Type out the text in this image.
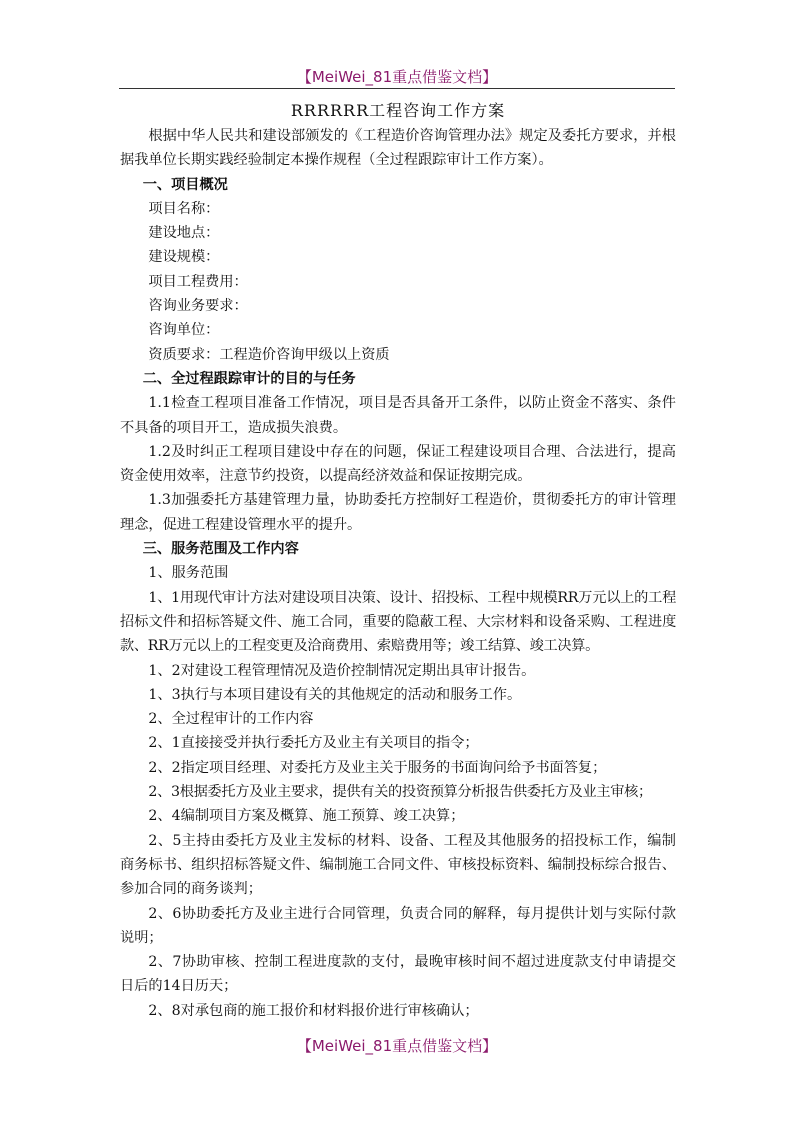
【MeiWei_81重点借鉴文档】
RRRRRR工程咨询工作方案

根据中华人民共和建设部颁发的《工程造价咨询管理办法》规定及委托方要求，并根据我单位长期实践经验制定本操作规程（全过程跟踪审计工作方案）。

一、项目概况

项目名称：

建设地点：

建设规模：

项目工程费用：

咨询业务要求：

咨询单位：

资质要求：工程造价咨询甲级以上资质

二、全过程跟踪审计的目的与任务

1.1检查工程项目准备工作情况，项目是否具备开工条件，以防止资金不落实、条件不具备的项目开工，造成损失浪费。

1.2及时纠正工程项目建设中存在的问题，保证工程建设项目合理、合法进行，提高资金使用效率，注意节约投资，以提高经济效益和保证按期完成。

1.3加强委托方基建管理力量，协助委托方控制好工程造价，贯彻委托方的审计管理理念，促进工程建设管理水平的提升。

三、服务范围及工作内容

1、服务范围

1、1用现代审计方法对建设项目决策、设计、招投标、工程中规模RR万元以上的工程招标文件和招标答疑文件、施工合同，重要的隐蔽工程、大宗材料和设备采购、工程进度款、RR万元以上的工程变更及洽商费用、索赔费用等；竣工结算、竣工决算。

1、2对建设工程管理情况及造价控制情况定期出具审计报告。

1、3执行与本项目建设有关的其他规定的活动和服务工作。

2、全过程审计的工作内容

2、1直接接受并执行委托方及业主有关项目的指令；

2、2指定项目经理、对委托方及业主关于服务的书面询问给予书面答复；

2、3根据委托方及业主要求，提供有关的投资预算分析报告供委托方及业主审核；

2、4编制项目方案及概算、施工预算、竣工决算；

2、5主持由委托方及业主发标的材料、设备、工程及其他服务的招投标工作，编制商务标书、组织招标答疑文件、编制施工合同文件、审核投标资料、编制投标综合报告、参加合同的商务谈判；

2、6协助委托方及业主进行合同管理，负责合同的解释，每月提供计划与实际付款说明；

2、7协助审核、控制工程进度款的支付，最晚审核时间不超过进度款支付申请提交日后的14日历天；

2、8对承包商的施工报价和材料报价进行审核确认；

【MeiWei_81重点借鉴文档】
